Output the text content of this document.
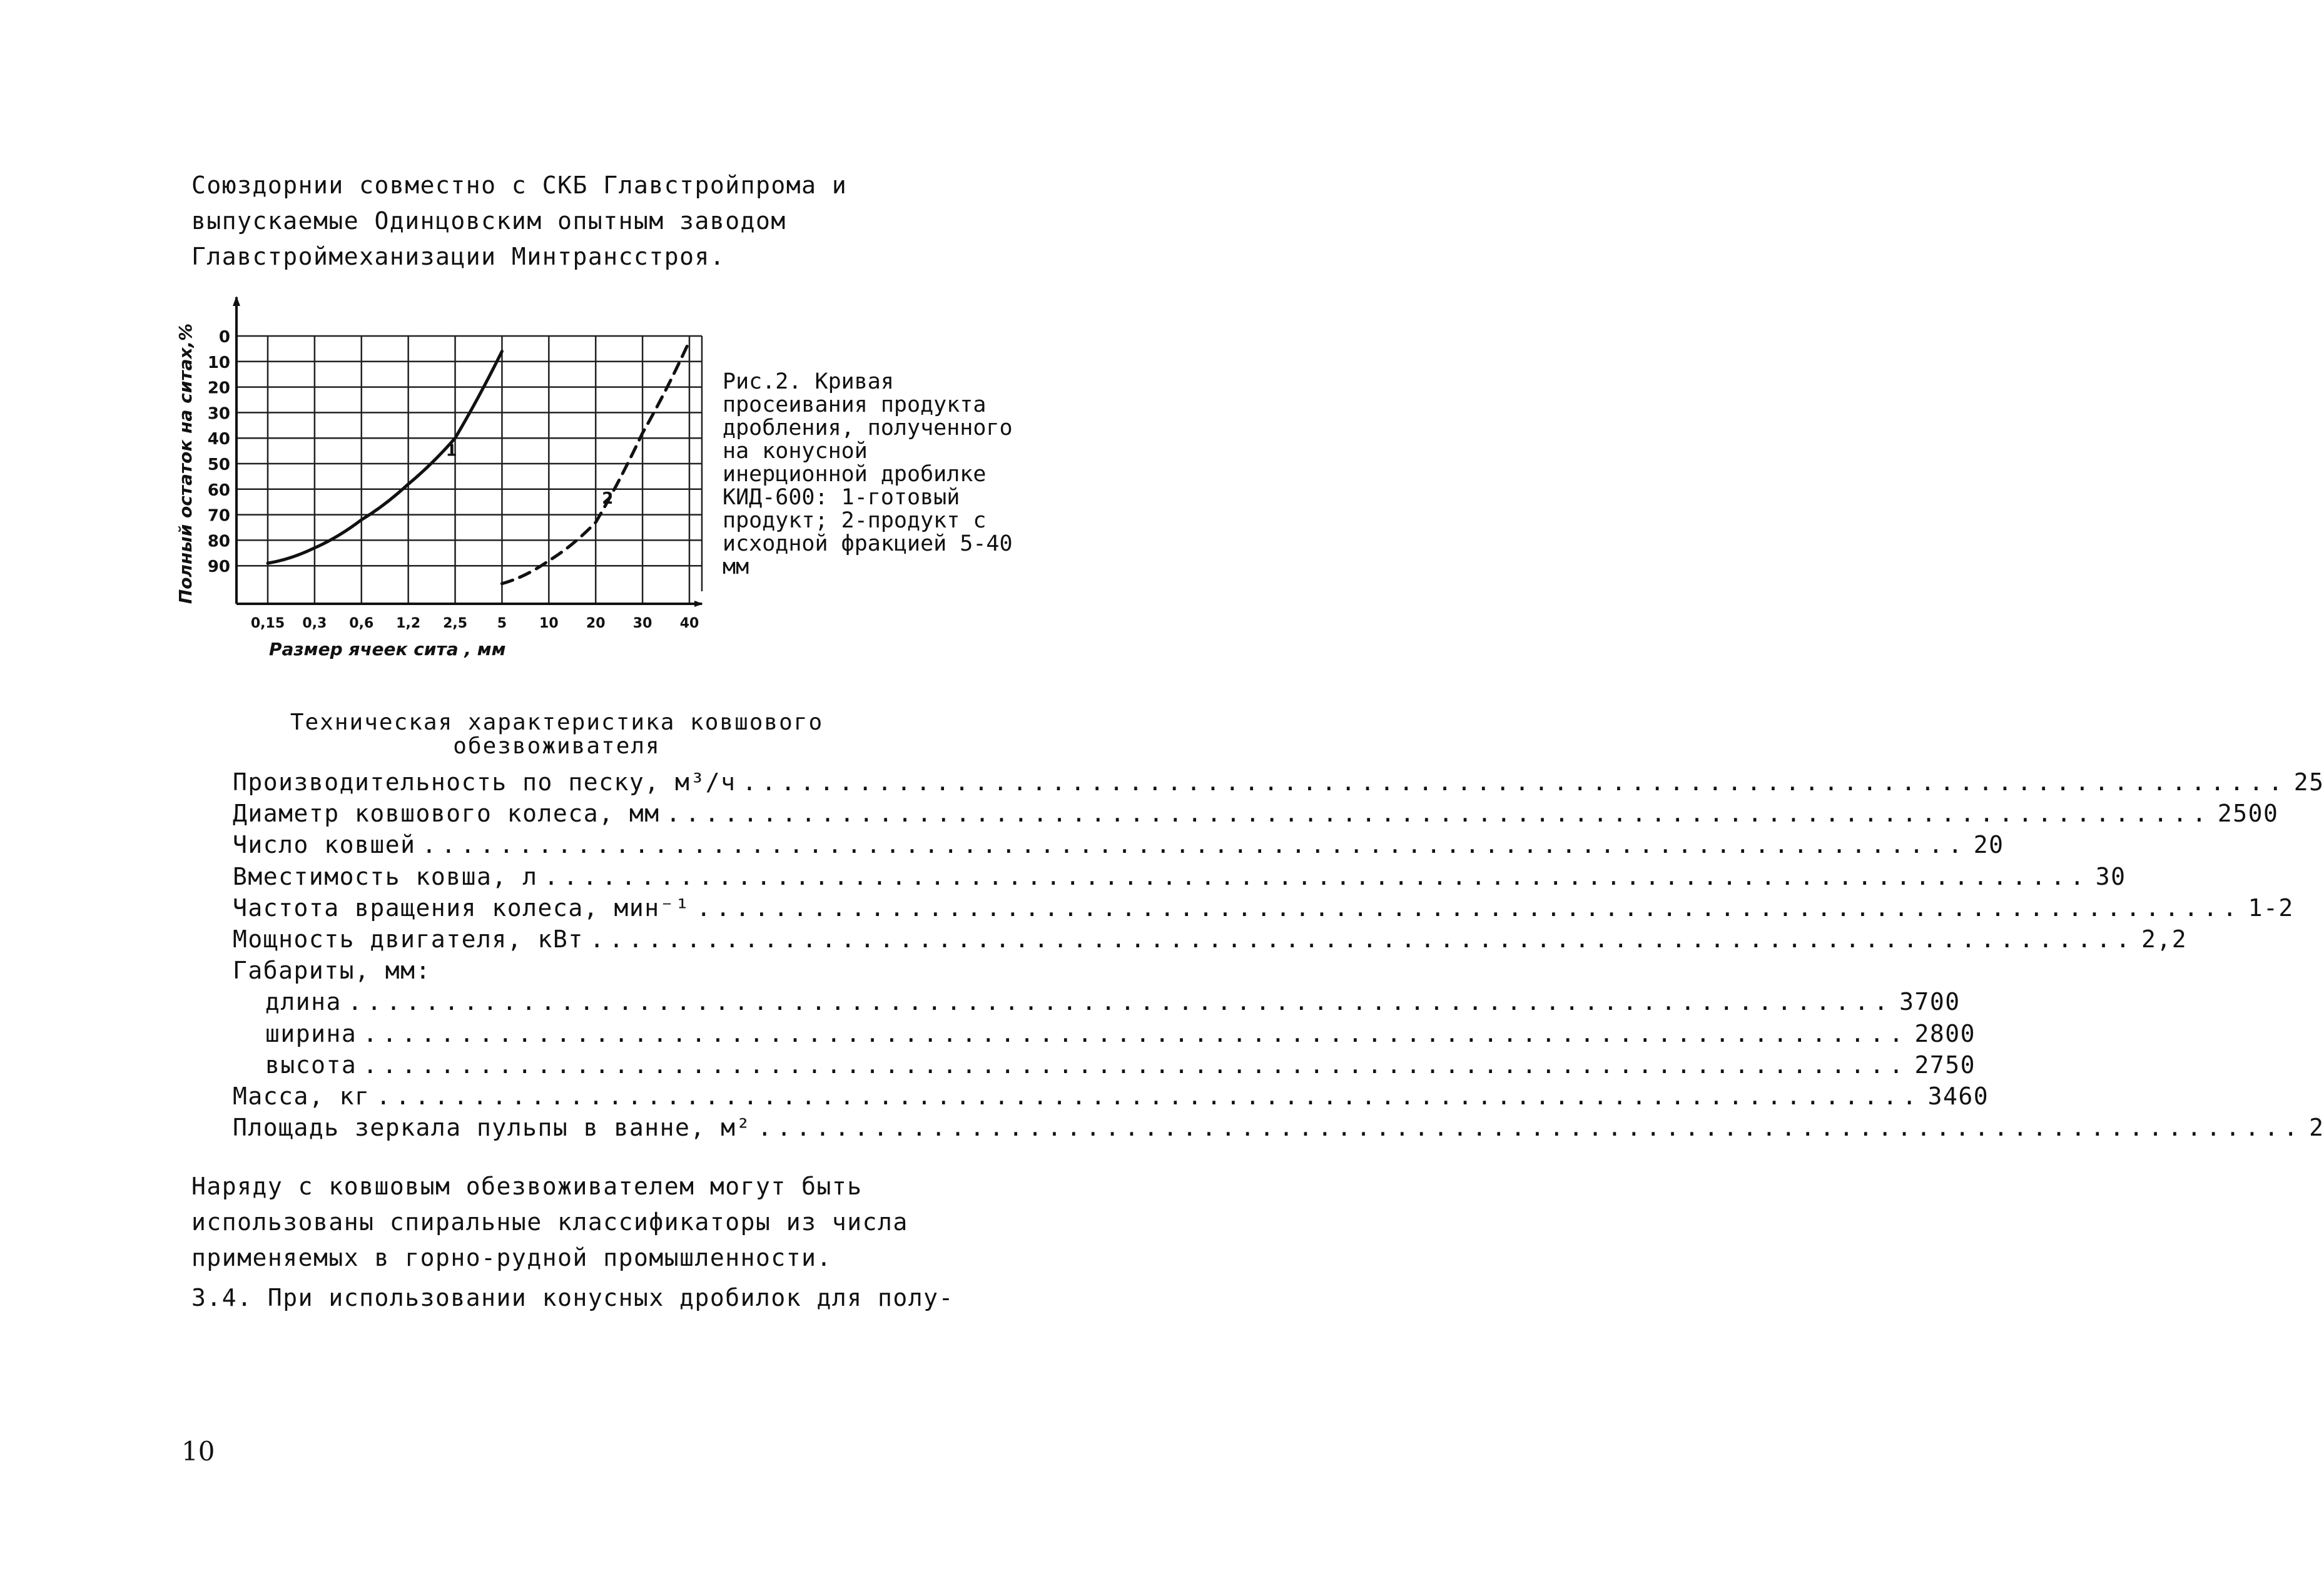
Союздорнии совместно с СКБ Главстройпрома и выпускаемые Одинцовским опытным заводом Главстроймеханизации Минтрансстроя.

0
10
20
30
40
50
60
70
80
90
0,15 0,3 0,6 1,2 2,5 5 10 20 30 40
Размер ячеек сита , мм
Полный остаток на ситах,%	1
2

Рис.2. Кривая просеивания продукта дробления, полученного на конусной инерционной дробилке КИД-600: 1-готовый продукт; 2-продукт с исходной фракцией 5-40 мм

Техническая характеристика ковшового обезвоживателя
Производительность по песку, м³/ч ................................................................................ 25
Диаметр ковшового колеса, мм ................................................................................ 2500
Число ковшей ................................................................................ 20
Вместимость ковша, л ................................................................................ 30
Частота вращения колеса, мин⁻¹ ................................................................................ 1-2
Мощность двигателя, кВт ................................................................................ 2,2
Габариты, мм:
длина ................................................................................ 3700
ширина ................................................................................ 2800
высота ................................................................................ 2750
Масса, кг ................................................................................ 3460
Площадь зеркала пульпы в ванне, м² ................................................................................ 2

Наряду с ковшовым обезвоживателем могут быть использованы спиральные классификаторы из числа применяемых в горно-рудной промышленности.

3.4. При использовании конусных дробилок для полу-

10
